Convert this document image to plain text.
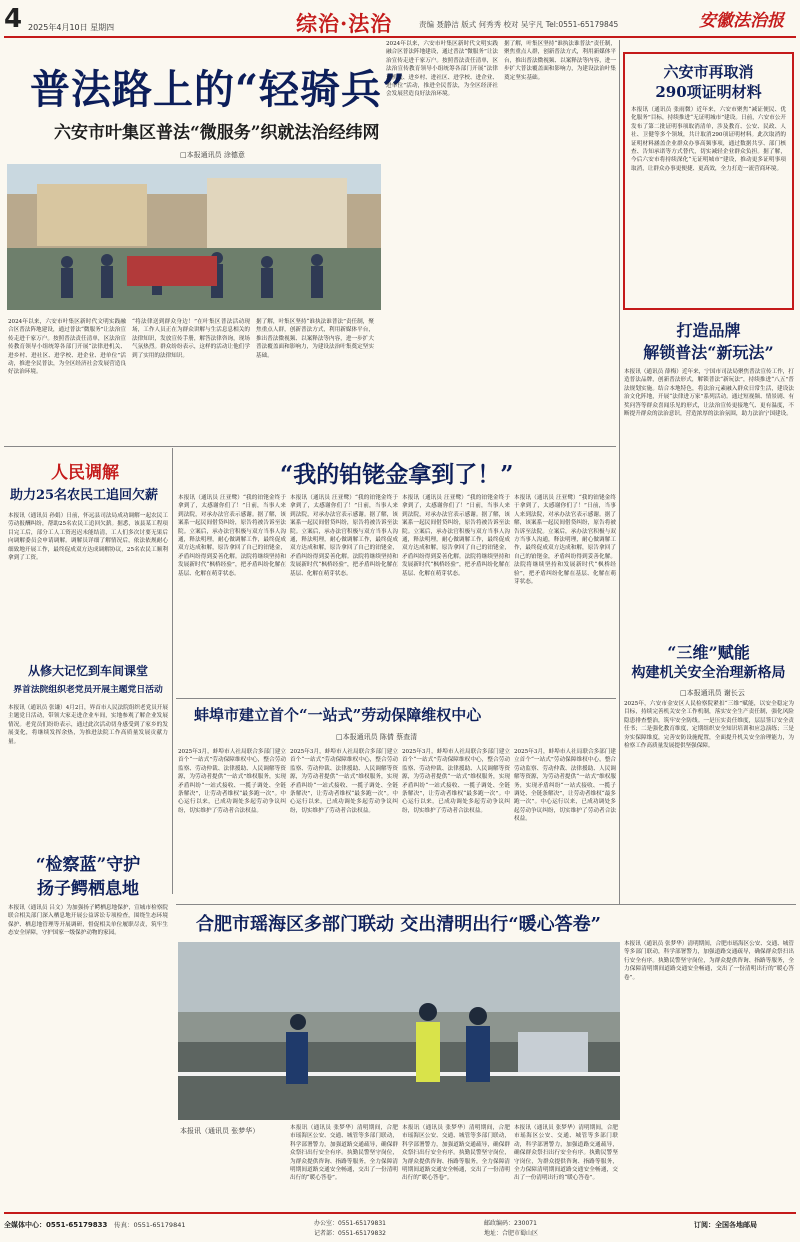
4 2025年4月10日 星期四	综治·法治	责编 聂静洁 版式 何秀秀 校对 吴宇凡 Tel:0551-65179845	安徽法治报
普法路上的“轻骑兵”
六安市叶集区普法“微服务”织就法治经纬网
□本报通讯员 涂德意
2024年以来，六安市叶集区新时代文明实践融合区普法阵地建设，通过普法“微服务”让法治宣传走进千家万户。按照普法责任清单，区法治宣传教育领导小组统筹各部门开展“法律进机关、进乡村、进社区、进学校、进企业、进单位”活动，推进全民普法，为全区经济社会发展营造良好法治环境。
“将法律送到群众身边！”在叶集区普法活动现场，工作人员正在为群众讲解与生活息息相关的法律知识，发放宣传手册，解答法律咨询，现场气氛热烈。群众纷纷表示，这样的活动让他们学到了实用的法律知识。
据了解，叶集区坚持“谁执法谁普法”责任制，聚焦重点人群，创新普法方式，利用新媒体平台，推出普法微视频、以案释法等内容，进一步扩大普法覆盖面和影响力，为建设法治叶集奠定坚实基础。
2024年以来，六安市叶集区新时代文明实践融合区普法阵地建设，通过普法“微服务”让法治宣传走进千家万户。按照普法责任清单，区法治宣传教育领导小组统筹各部门开展“法律进机关、进乡村、进社区、进学校、进企业、进单位”活动，推进全民普法，为全区经济社会发展营造良好法治环境。
据了解，叶集区坚持“谁执法谁普法”责任制，聚焦重点人群，创新普法方式，利用新媒体平台，推出普法微视频、以案释法等内容，进一步扩大普法覆盖面和影响力，为建设法治叶集奠定坚实基础。	六安市再取消
290项证明材料
本报讯（通讯员 张雨微）近年来，六安市聚焦“减证便民、优化服务”目标，持续推进“无证明城市”建设。日前，六安市公开发布了第二批证明事项取消清单，涉及教育、公安、民政、人社、卫健等多个领域，共计取消290项证明材料。此次取消的证明材料涵盖企业群众办事高频事项，通过数据共享、部门核查、告知承诺等方式替代，切实减轻企业群众负担。据了解，今后六安市将持续深化“无证明城市”建设，推动更多证明事项取消，让群众办事更便捷、更高效，全力打造一流营商环境。
打造品牌
解锁普法“新玩法”
本报讯（通讯员 薛梅）近年来，宁国市司法局聚焦普法宣传工作，打造普法品牌，创新普法形式，解锁普法“新玩法”，持续推进“八五”普法规划实施。结合本地特色，将法治元素融入群众日常生活，建设法治文化阵地，开展“法律进万家”系列活动。通过短视频、情景剧、有奖问答等群众喜闻乐见的形式，让法治宣传更接地气、更有温度，不断提升群众的法治意识，营造浓厚的法治氛围，助力法治宁国建设。
“三维”赋能
构建机关安全治理新格局
□本报通讯员 谢长云
2025年，六安市金安区人民检察院紧扣“三维”赋能，以安全稳定为目标，持续完善机关安全工作机制，落实安全生产责任制，强化风险隐患排查整治，筑牢安全防线。一是压实责任维度，层层签订安全责任书；二是强化教育维度，定期组织安全知识培训和应急演练；三是夯实保障维度，完善安防设施配置，全面提升机关安全治理能力，为检察工作高质量发展提供坚强保障。
人民调解
助力25名农民工追回欠薪
本报讯（通讯员 孙娟）日前，怀远县司法局成功调解一起农民工劳动报酬纠纷，帮助25名农民工追回欠薪。据悉，该县某工程项目完工后，部分工人工资迟迟未能结清，工人们多次讨要无果后向调解委员会申请调解。调解员详细了解情况后，依法依规耐心细致地开展工作，最终促成双方达成调解协议，25名农民工顺利拿到了工资。
从修大记忆到车间课堂
界首法院组织老党员开展主题党日活动
本报讯（通讯员 张谦）4月2日，界首市人民法院组织老党员开展主题党日活动，带领大家走进企业车间，实地参观了解企业发展情况。老党员们纷纷表示，通过此次活动切身感受到了家乡的发展变化，将继续发挥余热，为推进法院工作高质量发展贡献力量。
“检察蓝”守护
扬子鳄栖息地
本报讯（通讯员 吕文）为加强扬子鳄栖息地保护，宣城市检察院联合相关部门深入栖息地开展公益诉讼专项检查，围绕生态环境保护、栖息地管理等开展调研，督促相关单位履职尽责，筑牢生态安全屏障，守护国家一级保护动物的家园。
“我的铂铑金拿到了！”
本报讯（通讯员 汪亚鹭）“我的铂铑金终于拿到了，太感谢你们了！”日前，当事人来到法院，对承办法官表示感谢。据了解，该案系一起民间借贷纠纷，原告将被告诉至法院。立案后，承办法官积极与双方当事人沟通，释法明理，耐心做调解工作，最终促成双方达成和解，原告拿回了自己的铂铑金，矛盾纠纷得到妥善化解。法院将继续坚持和发展新时代“枫桥经验”，把矛盾纠纷化解在基层、化解在萌芽状态。
本报讯（通讯员 汪亚鹭）“我的铂铑金终于拿到了，太感谢你们了！”日前，当事人来到法院，对承办法官表示感谢。据了解，该案系一起民间借贷纠纷，原告将被告诉至法院。立案后，承办法官积极与双方当事人沟通，释法明理，耐心做调解工作，最终促成双方达成和解，原告拿回了自己的铂铑金，矛盾纠纷得到妥善化解。法院将继续坚持和发展新时代“枫桥经验”，把矛盾纠纷化解在基层、化解在萌芽状态。
本报讯（通讯员 汪亚鹭）“我的铂铑金终于拿到了，太感谢你们了！”日前，当事人来到法院，对承办法官表示感谢。据了解，该案系一起民间借贷纠纷，原告将被告诉至法院。立案后，承办法官积极与双方当事人沟通，释法明理，耐心做调解工作，最终促成双方达成和解，原告拿回了自己的铂铑金，矛盾纠纷得到妥善化解。法院将继续坚持和发展新时代“枫桥经验”，把矛盾纠纷化解在基层、化解在萌芽状态。
本报讯（通讯员 汪亚鹭）“我的铂铑金终于拿到了，太感谢你们了！”日前，当事人来到法院，对承办法官表示感谢。据了解，该案系一起民间借贷纠纷，原告将被告诉至法院。立案后，承办法官积极与双方当事人沟通，释法明理，耐心做调解工作，最终促成双方达成和解，原告拿回了自己的铂铑金，矛盾纠纷得到妥善化解。法院将继续坚持和发展新时代“枫桥经验”，把矛盾纠纷化解在基层、化解在萌芽状态。
蚌埠市建立首个“一站式”劳动保障维权中心
□本报通讯员 陈倩 蔡查清
2025年3月，蚌埠市人社局联合多部门建立首个“一站式”劳动保障维权中心，整合劳动监察、劳动仲裁、法律援助、人民调解等资源，为劳动者提供“一站式”维权服务，实现矛盾纠纷“一站式接收、一揽子调处、全链条解决”，让劳动者维权“最多跑一次”。中心运行以来，已成功调处多起劳动争议纠纷，切实维护了劳动者合法权益。
2025年3月，蚌埠市人社局联合多部门建立首个“一站式”劳动保障维权中心，整合劳动监察、劳动仲裁、法律援助、人民调解等资源，为劳动者提供“一站式”维权服务，实现矛盾纠纷“一站式接收、一揽子调处、全链条解决”，让劳动者维权“最多跑一次”。中心运行以来，已成功调处多起劳动争议纠纷，切实维护了劳动者合法权益。
2025年3月，蚌埠市人社局联合多部门建立首个“一站式”劳动保障维权中心，整合劳动监察、劳动仲裁、法律援助、人民调解等资源，为劳动者提供“一站式”维权服务，实现矛盾纠纷“一站式接收、一揽子调处、全链条解决”，让劳动者维权“最多跑一次”。中心运行以来，已成功调处多起劳动争议纠纷，切实维护了劳动者合法权益。
2025年3月，蚌埠市人社局联合多部门建立首个“一站式”劳动保障维权中心，整合劳动监察、劳动仲裁、法律援助、人民调解等资源，为劳动者提供“一站式”维权服务，实现矛盾纠纷“一站式接收、一揽子调处、全链条解决”，让劳动者维权“最多跑一次”。中心运行以来，已成功调处多起劳动争议纠纷，切实维护了劳动者合法权益。
合肥市瑶海区多部门联动 交出清明出行“暖心答卷”
本报讯（通讯员 张梦华）	本报讯（通讯员 张梦华）清明期间，合肥市瑶海区公安、交通、城管等多部门联动，科学部署警力，加强道路交通疏导，确保群众祭扫出行安全有序。执勤民警坚守岗位，为群众提供咨询、指路等服务，全力保障清明期间道路交通安全畅通，交出了一份清明出行的“暖心答卷”。
本报讯（通讯员 张梦华）清明期间，合肥市瑶海区公安、交通、城管等多部门联动，科学部署警力，加强道路交通疏导，确保群众祭扫出行安全有序。执勤民警坚守岗位，为群众提供咨询、指路等服务，全力保障清明期间道路交通安全畅通，交出了一份清明出行的“暖心答卷”。
本报讯（通讯员 张梦华）清明期间，合肥市瑶海区公安、交通、城管等多部门联动，科学部署警力，加强道路交通疏导，确保群众祭扫出行安全有序。执勤民警坚守岗位，为群众提供咨询、指路等服务，全力保障清明期间道路交通安全畅通，交出了一份清明出行的“暖心答卷”。
本报讯（通讯员 张梦华）清明期间，合肥市瑶海区公安、交通、城管等多部门联动，科学部署警力，加强道路交通疏导，确保群众祭扫出行安全有序。执勤民警坚守岗位，为群众提供咨询、指路等服务，全力保障清明期间道路交通安全畅通，交出了一份清明出行的“暖心答卷”。
全媒体中心：0551-65179833 传真：0551-65179841	办公室：0551-65179831
记者部：0551-65179832
邮政编码：230071
地址：合肥市蜀山区
订阅：全国各地邮局
